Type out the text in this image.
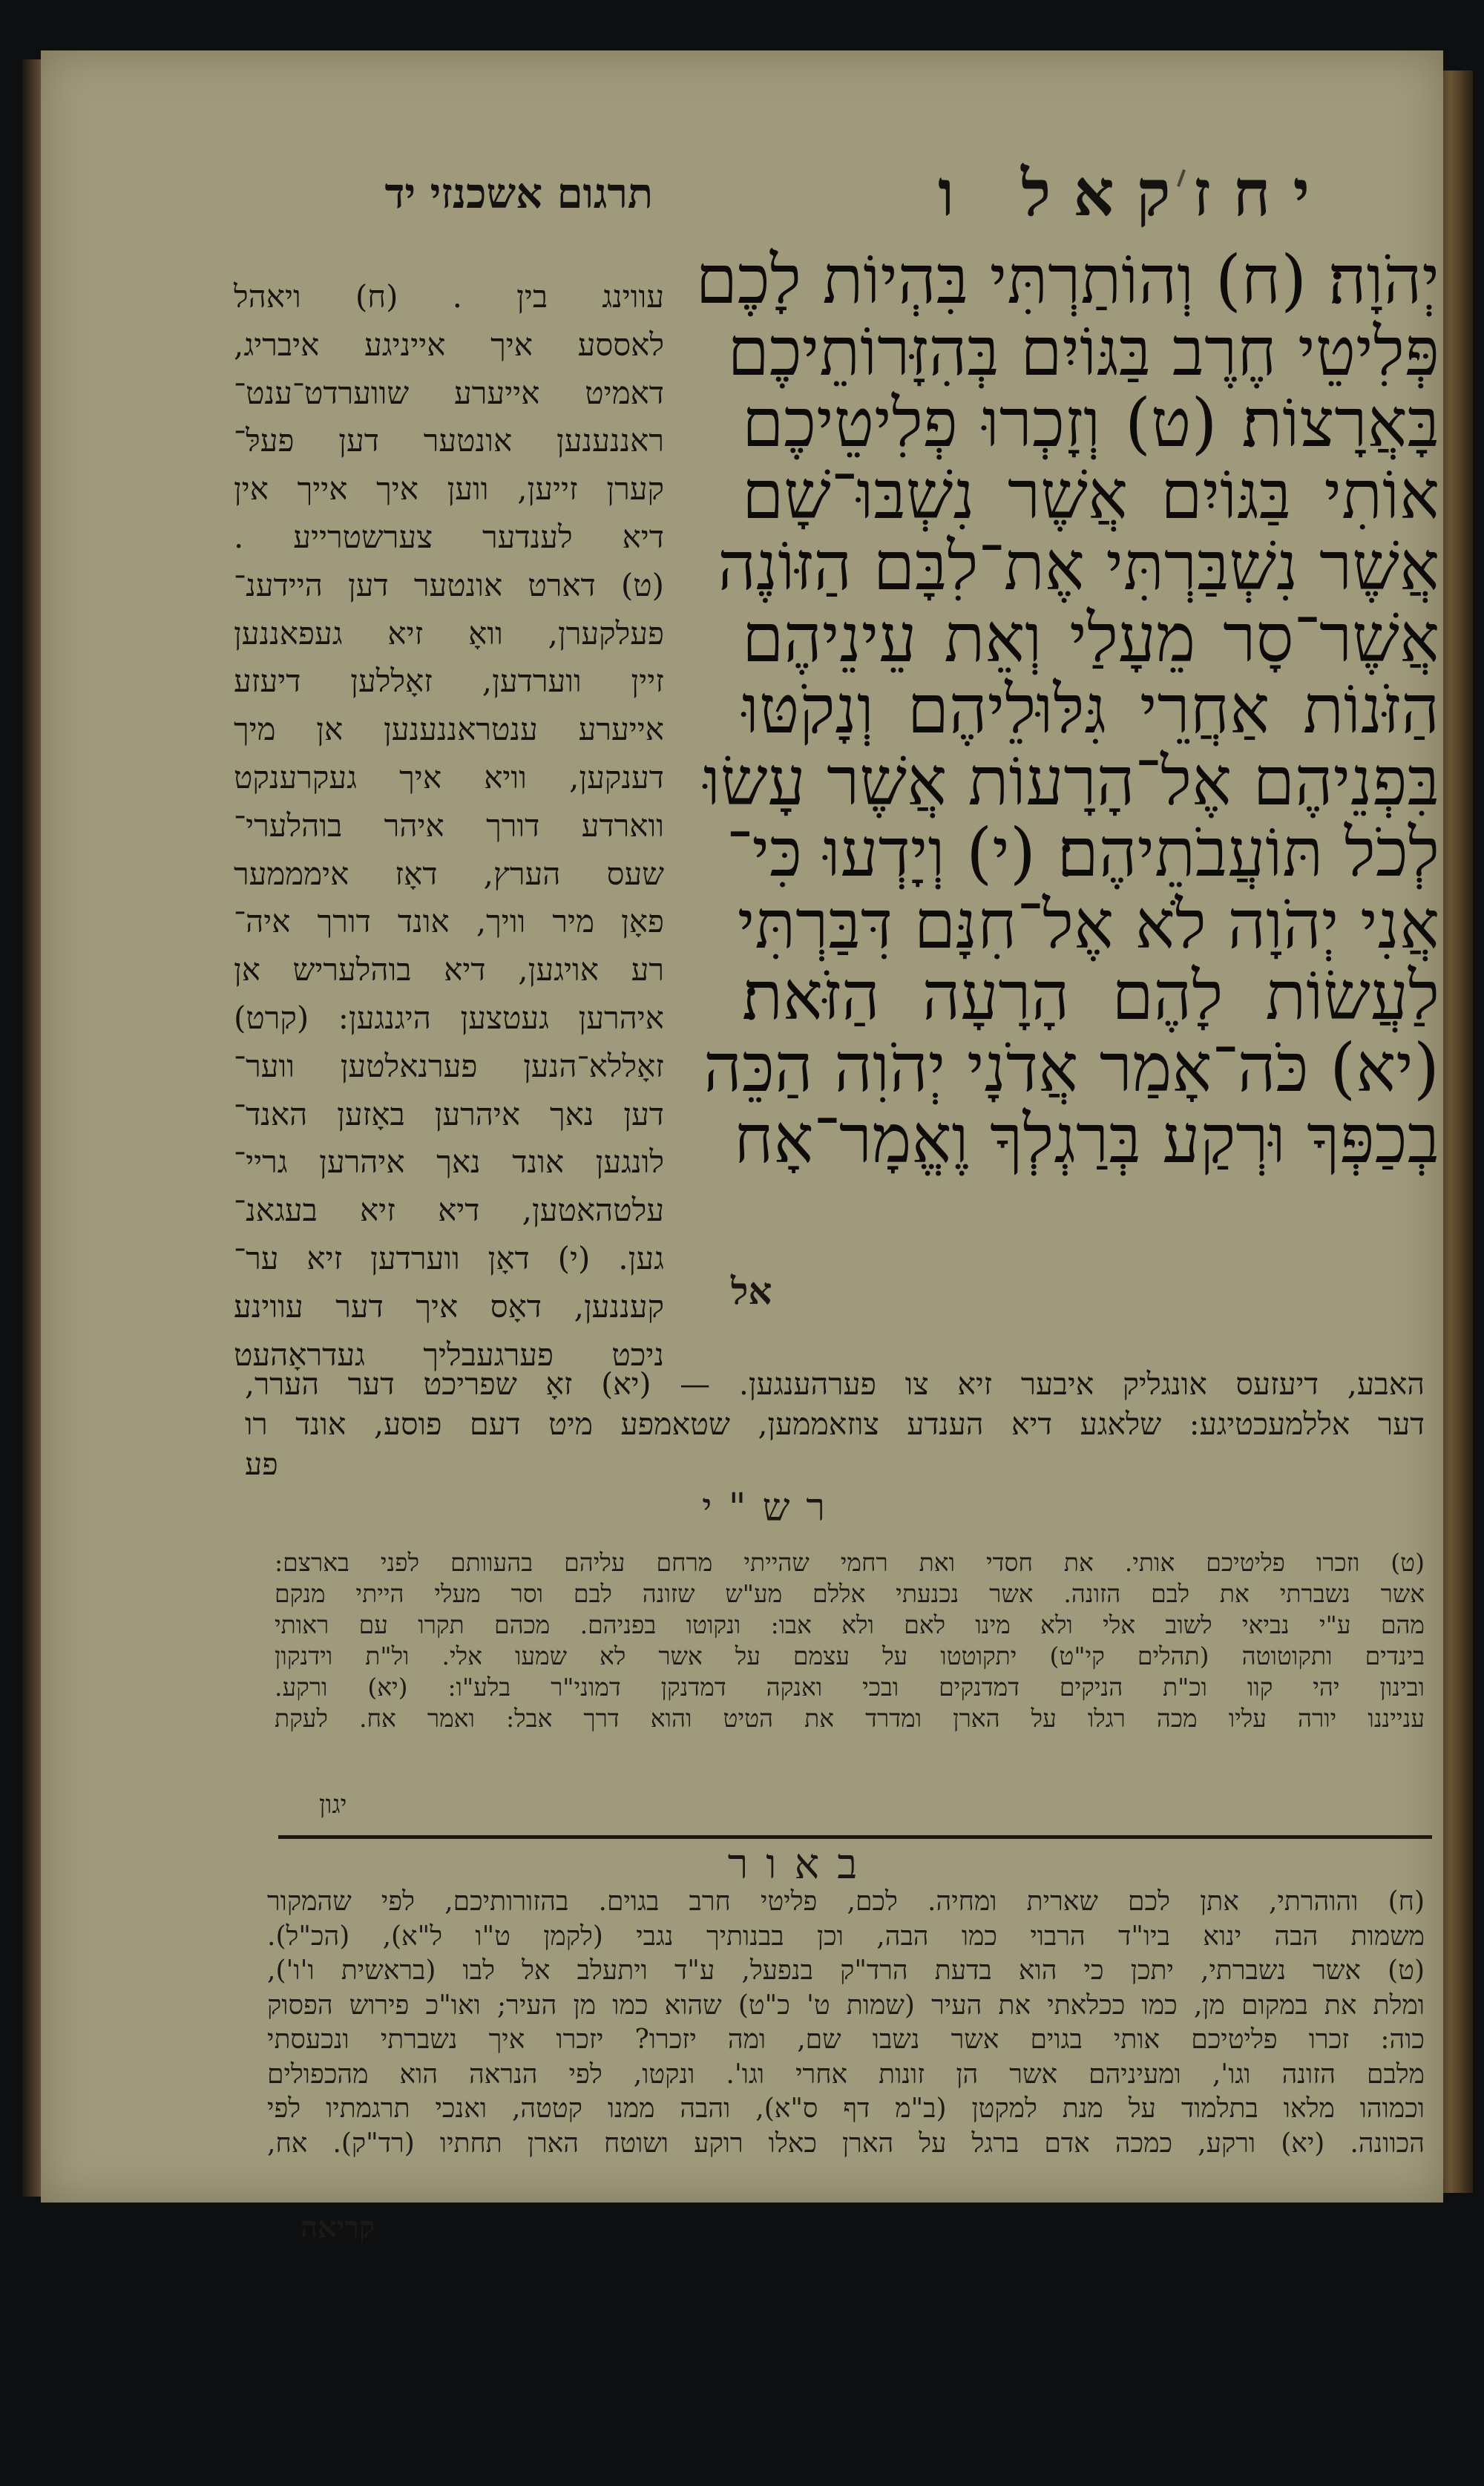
יחזקאל ו
תרגום אשכנזי יד
יְהֹוָה׃ (ח) וְהוֹתַרְתִּי בִּהְיוֹת לָכֶם
פְּלִיטֵי חֶרֶב בַּגּוֹיִם בְּהִזָּרוֹתֵיכֶם
בָּאֲרָצוֹת׃ (ט) וְזָכְרוּ פְלִיטֵיכֶם
אוֹתִי בַּגּוֹיִם אֲשֶׁר נִשְׁבּוּ־שָׁם
אֲשֶׁר נִשְׁבַּרְתִּי אֶת־לִבָּם הַזּוֹנֶה
אֲשֶׁר־סָר מֵעָלַי וְאֵת עֵינֵיהֶם
הַזֹּנוֹת אַחֲרֵי גִּלּוּלֵיהֶם וְנָקֹטּוּ
בִּפְנֵיהֶם אֶל־הָרָעוֹת אֲשֶׁר עָשׂוּ
לְכֹל תּוֹעֲבֹתֵיהֶם׃ (י) וְיָדְעוּ כִּי־
אֲנִי יְהֹוָה לֹא אֶל־חִנָּם דִּבַּרְתִּי
לַעֲשׂוֹת לָהֶם הָרָעָה הַזֹּאת׃
(יא) כֹּה־אָמַר אֲדֹנָי יְהֹוִה הַכֵּה
בְכַפְּךָ וּרְקַע בְּרַגְלְךָ וֶאֱמָר־אָח
אל
עווינג בין . (ח) ויאהל
לאססע איך אייניגע איבריג,
דאמיט אייערע שווערדט־ענט־
ראננענען אונטער דען פעלּ־
קערן זייען, ווען איך אייך אין
דיא לענדער צערשטרייע .
(ט) דארט אונטער דען היידענ־
פעלקערן, וואָ זיא געפאננען
זיין ווערדען, זאָללען דיעזע
אייערע ענטראננענען אן מיך
דענקען, וויא איך געקרענקט
ווארדע דורך איהר בוהלערי־
שעס הערץ, דאָז אימממער
פאָן מיר וויך, אונד דורך איה־
רע אויגען, דיא בוהלעריש אן
איהרען געטצען היגנגען: (קרט)
זאָללא־הנען פערנאלטען ווער־
דען נאך איהרען באָזען האנד־
לונגען אונד נאך איהרען גריי־
עלטהאטען, דיא זיא בעגאנ־
גען. (י) דאָן ווערדען זיא ער־
קעננען, דאָס איך דער עווינע
ניכט פערגעבליך געדראָהעט
האבע, דיעזעס אונגליק איבער זיא צו פערהענגען. — (יא) זאָ שפריכט דער הערר,
דער אללמעכטיגע: שלאגע דיא הענדע צוזאממען, שטאמפע מיט דעם פוסע, אונד רו
פע
רש"י
(ט) וזכרו פליטיכם אותי. את חסדי ואת רחמי שהייתי מרחם עליהם בהעוותם לפני בארצם:
אשר נשברתי את לבם הזונה. אשר נכנעתי אללם מע"ש שזונה לבם וסר מעלי הייתי מנקם
מהם ע"י נביאי לשוב אלי ולא מינו לאם ולא אבו: ונקוטו בפניהם. מכהם תקרו עם ראותי
בינדים ותקוטוטה (תהלים קי"ט) יתקוטטו על עצמם על אשר לא שמעו אלי. ול"ת וידנקון
ובינון יהי קוו וכ"ת הניקים דמדנקים ובכי ואנקה דמדנקן דמוני"ר בלע"ו: (יא) ורקע.
ענייננו יורה עליו מכה רגלו על הארן ומדרד את הטיט והוא דרך אבל: ואמר אח. לעקת
יגון
באור
(ח) והוהרתי, אתן לכם שארית ומחיה. לכם, פליטי חרב בגוים. בהזורותיכם, לפי שהמקור
משמות הבה ינוא ביו"ד הרבוי כמו הבה, וכן בבנותיך נגבי (לקמן ט"ו ל"א), (הכ"ל).
(ט) אשר נשברתי, יתכן כי הוא בדעת הרד"ק בנפעל, ע"ד ויתעלב אל לבו (בראשית ו'ו'),
ומלת את במקום מן, כמו ככלאתי את העיר (שמות ט' כ"ט) שהוא כמו מן העיר; ואו"כ פירוש הפסוק
כוה: זכרו פליטיכם אותי בגוים אשר נשבו שם, ומה יזכרו? יזכרו איך נשברתי ונכעסתי
מלבם הזונה וגו', ומעיניהם אשר הן זונות אחרי וגו'. ונקטו, לפי הנראה הוא מהכפולים
וכמוהו מלאו בתלמוד על מנת למקטן (ב"מ דף ס"א), והבה ממנו קטטה, ואנכי תרגמתיו לפי
הכוונה. (יא) ורקע, כמכה אדם ברגל על הארן כאלו רוקע ושוטח הארן תחתיו (רד"ק). אח,
קריאה
